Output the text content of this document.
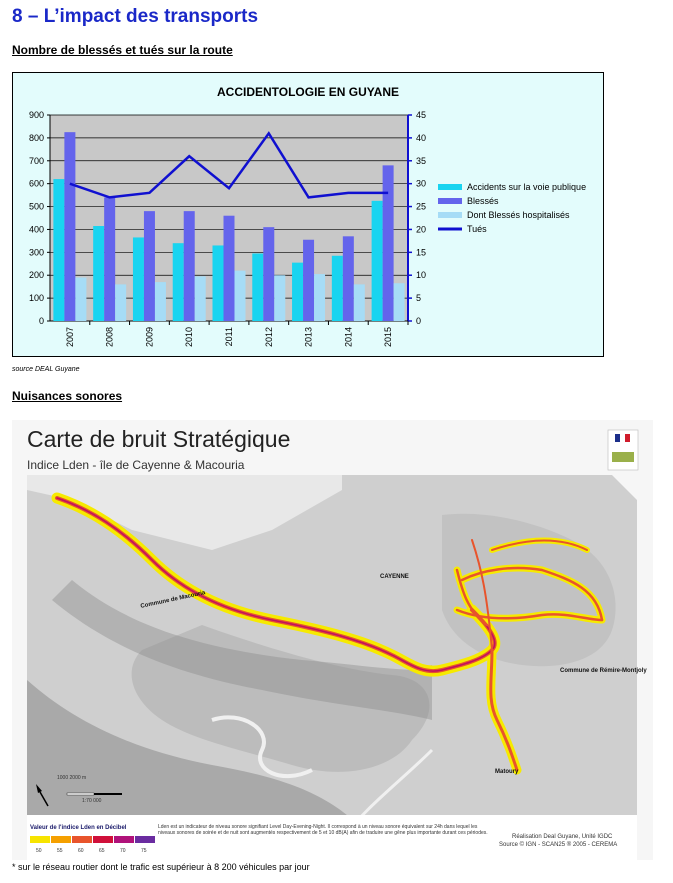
8 – L’impact des transports
Nombre de blessés et tués sur la route
ACCIDENTOLOGIE EN GUYANE
0
100
200
300
400
500
600
700
800
900
0
5
10
15
20
25
30
35
40
45
2007	2008	2009	2010	2011	2012	2013	2014	2015
Accidents sur la voie publique
Blessés
Dont Blessés hospitalisés
Tués
source DEAL Guyane
Nuisances sonores
Carte de bruit Stratégique
Indice Lden - île de Cayenne & Macouria
CAYENNE
Commune de Macouria
Commune de Rémire-Montjoly
Matoury
1000 2000 m
1:70 000
Valeur de l'indice Lden en Décibel
50	55	60	65	70	75
Lden est un indicateur de niveau sonore signifiant Level Day-Evening-Night. Il correspond à un niveau sonore équivalent sur 24h dans lequel les niveaux sonores de soirée et de nuit sont augmentés respectivement de 5 et 10 dB(A) afin de traduire une gêne plus importante durant ces périodes.
Réalisation Deal Guyane, Unité IGDC
Source © IGN - SCAN25 ® 2005 - CEREMA
* sur le réseau routier dont le trafic est supérieur à 8 200 véhicules par jour
